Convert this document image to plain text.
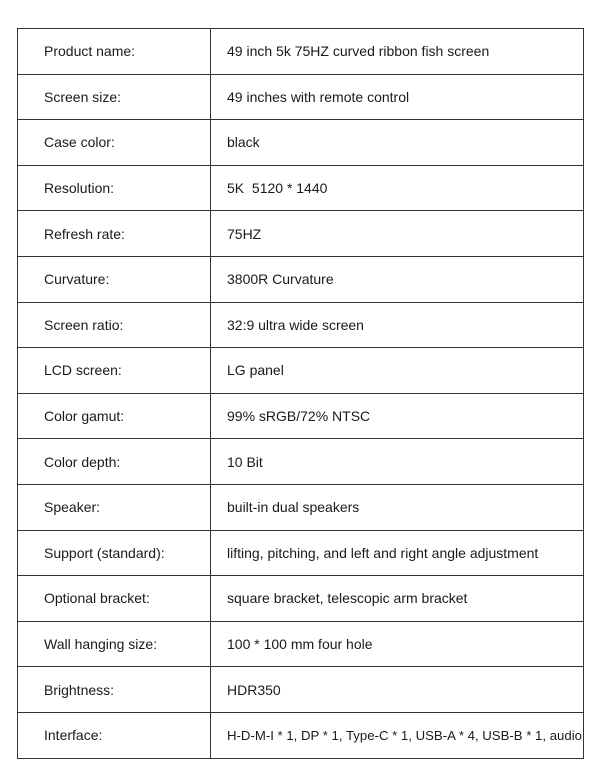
Product name:	49 inch 5k 75HZ curved ribbon fish screen
Screen size:	49 inches with remote control
Case color:	black
Resolution:	5K  5120 * 1440
Refresh rate:	75HZ
Curvature:	3800R Curvature
Screen ratio:	32:9 ultra wide screen
LCD screen:	LG panel
Color gamut:	99% sRGB/72% NTSC
Color depth:	10 Bit
Speaker:	built-in dual speakers
Support (standard):	lifting, pitching, and left and right angle adjustment
Optional bracket:	square bracket, telescopic arm bracket
Wall hanging size:	100 * 100 mm four hole
Brightness:	HDR350
Interface:	H-D-M-I * 1, DP * 1, Type-C * 1, USB-A * 4, USB-B * 1, audio
